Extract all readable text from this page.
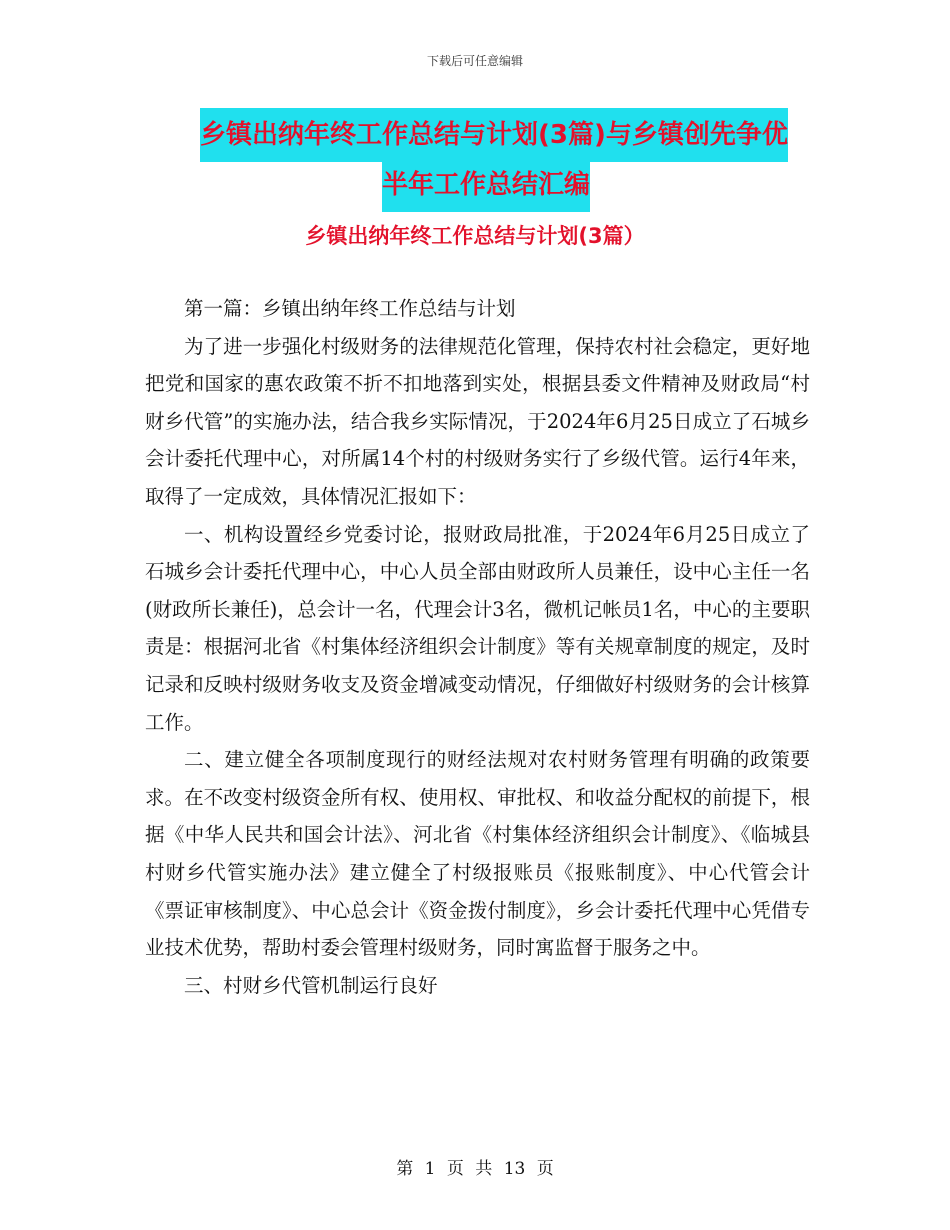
下载后可任意编辑
乡镇出纳年终工作总结与计划(3篇)与乡镇创先争优
半年工作总结汇编
乡镇出纳年终工作总结与计划(3篇）

第一篇：乡镇出纳年终工作总结与计划

为了进一步强化村级财务的法律规范化管理，保持农村社会稳定，更好地把党和国家的惠农政策不折不扣地落到实处，根据县委文件精神及财政局“村财乡代管”的实施办法，结合我乡实际情况，于2024年6月25日成立了石城乡会计委托代理中心，对所属14个村的村级财务实行了乡级代管。运行4年来，取得了一定成效，具体情况汇报如下：

一、机构设置经乡党委讨论，报财政局批准，于2024年6月25日成立了石城乡会计委托代理中心，中心人员全部由财政所人员兼任，设中心主任一名(财政所长兼任)，总会计一名，代理会计3名，微机记帐员1名，中心的主要职责是：根据河北省《村集体经济组织会计制度》等有关规章制度的规定，及时记录和反映村级财务收支及资金增减变动情况，仔细做好村级财务的会计核算工作。

二、建立健全各项制度现行的财经法规对农村财务管理有明确的政策要求。在不改变村级资金所有权、使用权、审批权、和收益分配权的前提下，根据《中华人民共和国会计法》、河北省《村集体经济组织会计制度》、《临城县村财乡代管实施办法》建立健全了村级报账员《报账制度》、中心代管会计《票证审核制度》、中心总会计《资金拨付制度》，乡会计委托代理中心凭借专业技术优势，帮助村委会管理村级财务，同时寓监督于服务之中。

三、村财乡代管机制运行良好

第 1 页 共 13 页
